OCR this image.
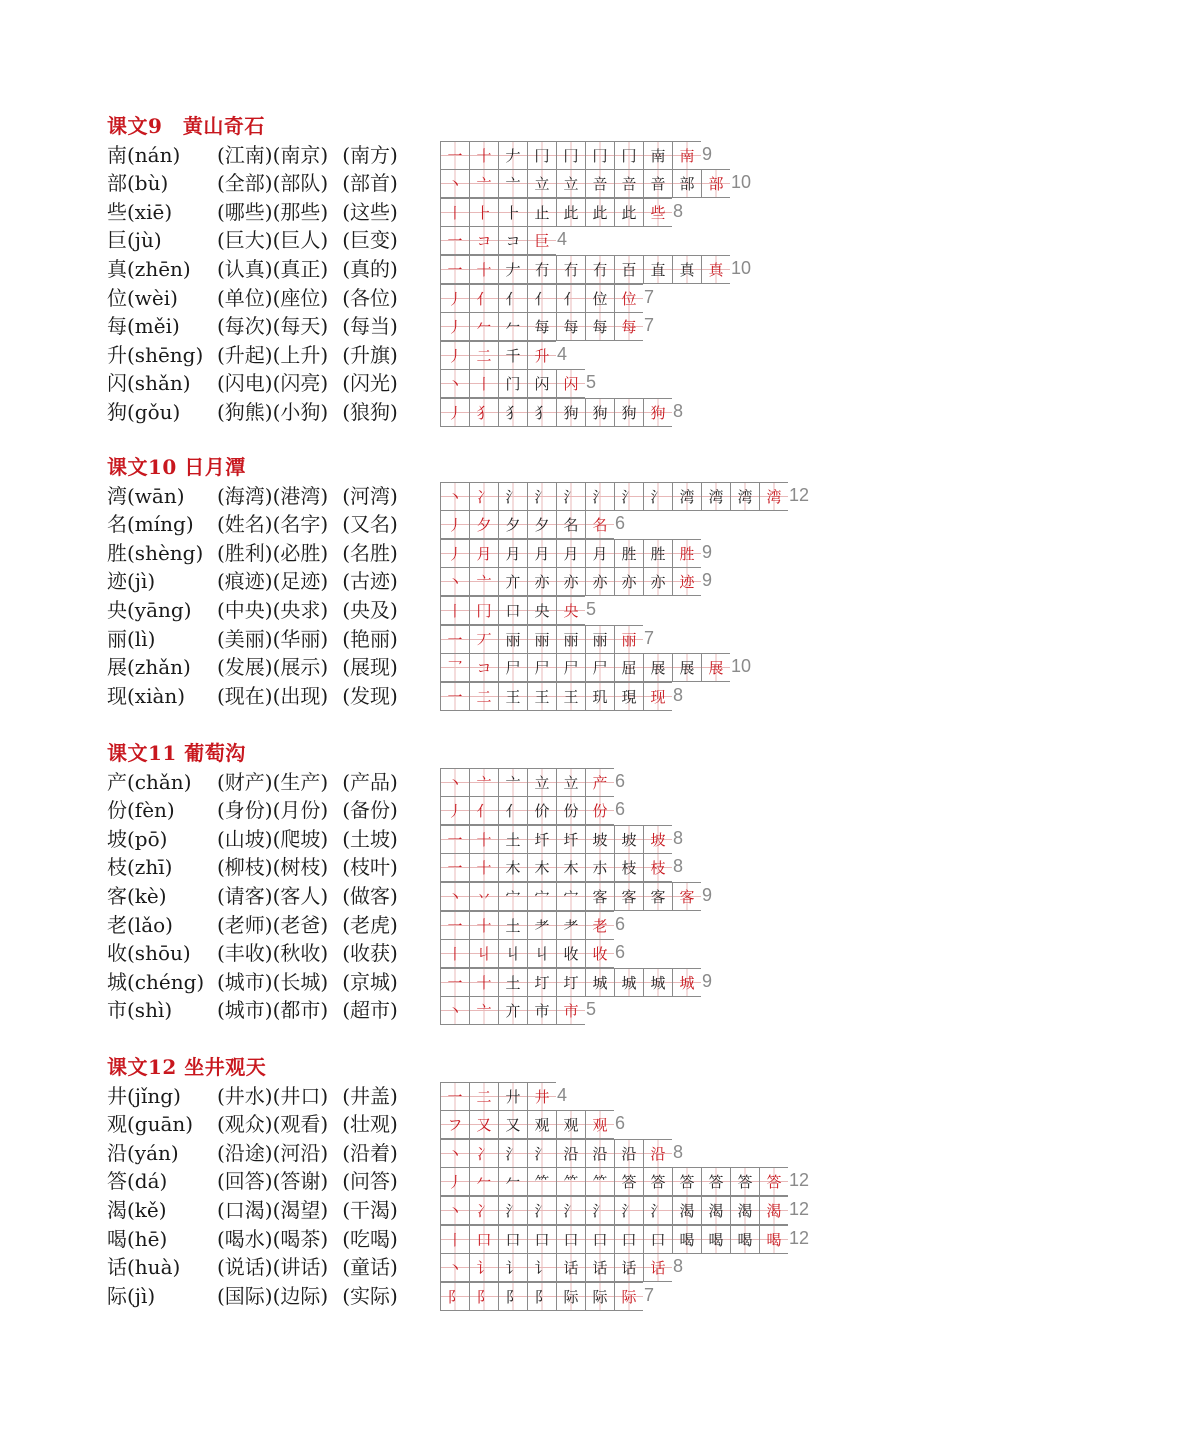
课文9　黄山奇石
南(nán) (江南)(南京) (南方)	一 十 𠂇 冂 冂 冂 冂 南 南 9
部(bù) (全部)(部队) (部首)	丶 亠 亠 立 立 咅 咅 音 部 部 10
些(xiē) (哪些)(那些) (这些)	丨 ⺊ ⺊ 止 此 此 此 些 8
巨(jù)	(巨大)(巨人) (巨变)	一 コ コ 巨 4
真(zhēn) (认真)(真正) (真的)	一 十 𠂇 冇 冇 冇 百 直 真 真 10
位(wèi) (单位)(座位) (各位)	丿 亻 亻 亻 亻 位 位 7
每(měi) (每次)(每天) (每当)	丿 𠂉 𠂉 每 每 每 每 7
升(shēng) (升起)(上升) (升旗)	丿 二 千 升 4
闪(shǎn) (闪电)(闪亮) (闪光)	丶 丨 门 闪 闪 5
狗(gǒu) (狗熊)(小狗) (狼狗)	丿 犭 犭 犭 狗 狗 狗 狗 8
课文10 日月潭
湾(wān) (海湾)(港湾) (河湾)	丶 冫 氵 氵 氵 氵 氵 氵 湾 湾 湾 湾 12
名(míng) (姓名)(名字) (又名)	丿 夕 夕 夕 名 名 6
胜(shèng) (胜利)(必胜) (名胜)	丿 月 月 月 月 月 胜 胜 胜 9
迹(jì)	(痕迹)(足迹) (古迹)	丶 亠 亣 亦 亦 亦 亦 亦 迹 9
央(yāng) (中央)(央求) (央及)	丨 冂 口 央 央 5
丽(lì)	(美丽)(华丽) (艳丽)	一 丆 丽 丽 丽 丽 丽 7
展(zhǎn) (发展)(展示) (展现)	乛 コ 尸 尸 尸 尸 屈 展 展 展 10
现(xiàn) (现在)(出现) (发现)	一 二 王 王 王 玑 現 现 8
课文11 葡萄沟
产(chǎn) (财产)(生产) (产品)	丶 亠 亠 立 立 产 6
份(fèn) (身份)(月份) (备份)	丿 亻 亻 价 份 份 6
坡(pō) (山坡)(爬坡) (土坡)	一 十 土 圲 圲 坡 坡 坡 8
枝(zhī) (柳枝)(树枝) (枝叶)	一 十 木 木 木 朩 枝 枝 8
客(kè)	(请客)(客人) (做客)	丶 丷 宀 宀 宀 客 客 客 客 9
老(lǎo) (老师)(老爸) (老虎)	一 十 土 耂 耂 老 6
收(shōu) (丰收)(秋收) (收获)	丨 丩 丩 丩 收 收 6
城(chéng) (城市)(长城) (京城)	一 十 土 圢 圢 城 城 城 城 9
市(shì) (城市)(都市) (超市)	丶 亠 亣 市 市 5
课文12 坐井观天
井(jǐng) (井水)(井口) (井盖)	一 二 廾 井 4
观(guān) (观众)(观看) (壮观)	フ 又 又 观 观 观 6
沿(yán) (沿途)(河沿) (沿着)	丶 冫 氵 氵 沿 沿 沿 沿 8
答(dá) (回答)(答谢) (问答)	丿 𠂉 𠂉 ⺮ ⺮ ⺮ 答 答 答 答 答 答 12
渴(kě)	(口渴)(渴望) (干渴)	丶 冫 氵 氵 氵 氵 氵 氵 渴 渴 渴 渴 12
喝(hē) (喝水)(喝茶) (吃喝)	丨 口 口 口 口 口 口 口 喝 喝 喝 喝 12
话(huà) (说话)(讲话) (童话)	丶 讠 讠 讠 话 话 话 话 8
际(jì)	(国际)(边际) (实际)	阝 阝 阝 阝 际 际 际 7
